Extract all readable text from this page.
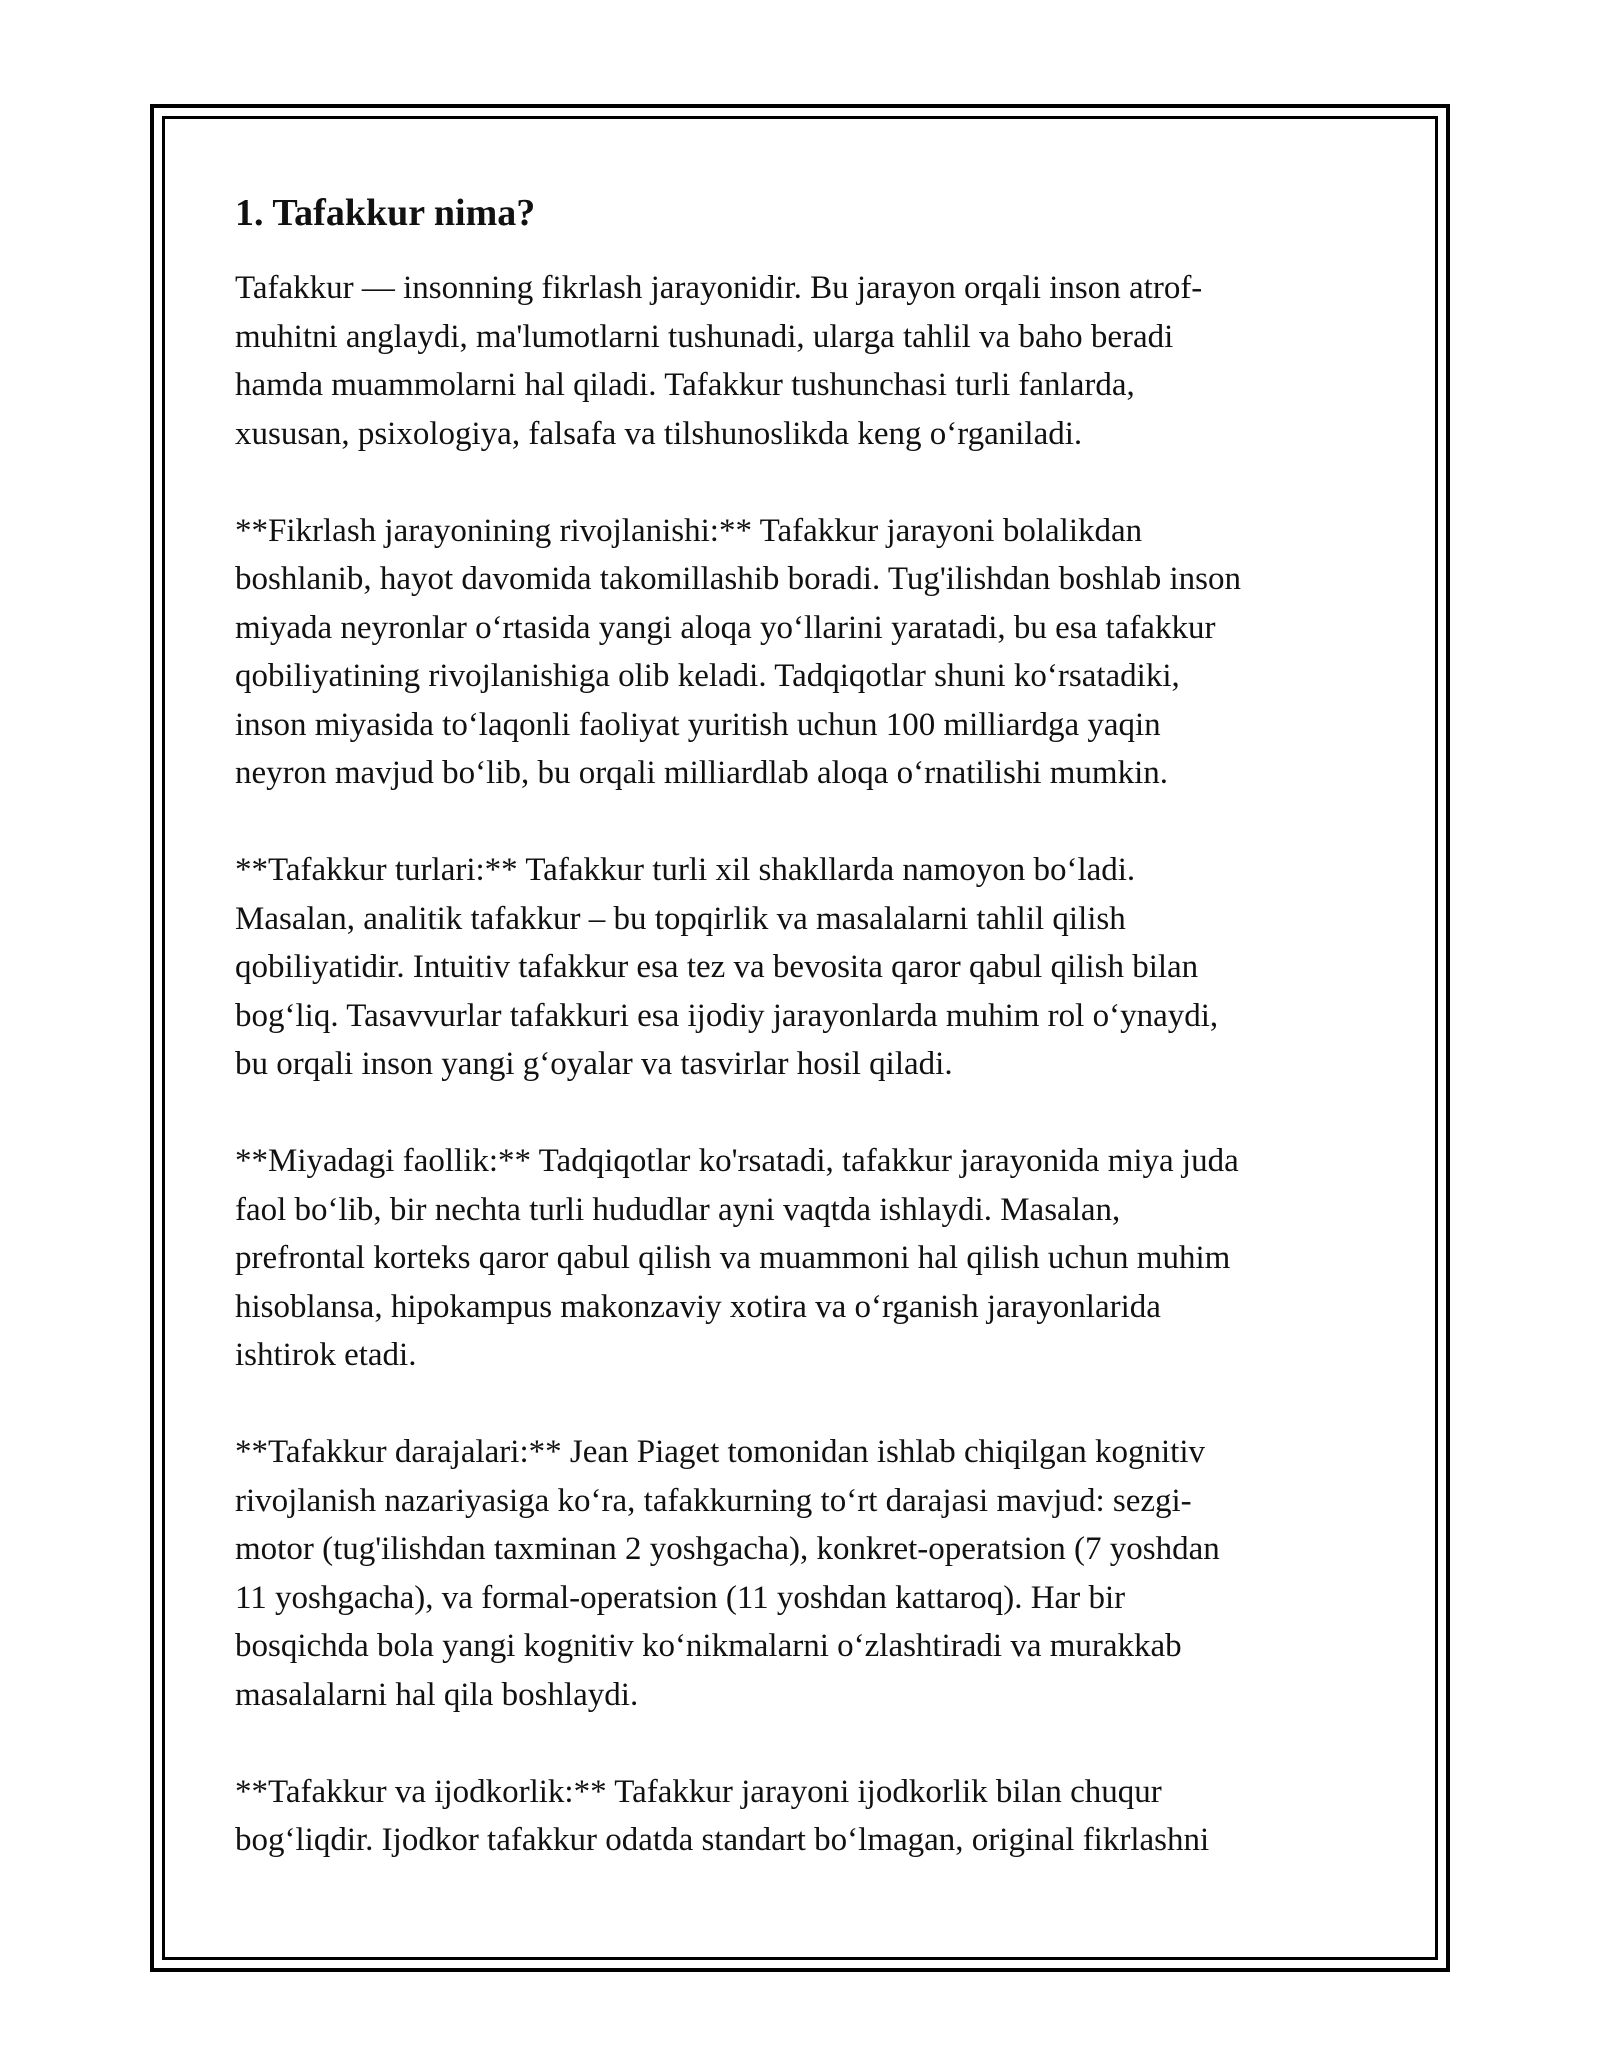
1. Tafakkur nima?
Tafakkur — insonning fikrlash jarayonidir. Bu jarayon orqali inson atrof-
muhitni anglaydi, ma'lumotlarni tushunadi, ularga tahlil va baho beradi
hamda muammolarni hal qiladi. Tafakkur tushunchasi turli fanlarda,
xususan, psixologiya, falsafa va tilshunoslikda keng o‘rganiladi.
**Fikrlash jarayonining rivojlanishi:** Tafakkur jarayoni bolalikdan
boshlanib, hayot davomida takomillashib boradi. Tug'ilishdan boshlab inson
miyada neyronlar o‘rtasida yangi aloqa yo‘llarini yaratadi, bu esa tafakkur
qobiliyatining rivojlanishiga olib keladi. Tadqiqotlar shuni ko‘rsatadiki,
inson miyasida to‘laqonli faoliyat yuritish uchun 100 milliardga yaqin
neyron mavjud bo‘lib, bu orqali milliardlab aloqa o‘rnatilishi mumkin.
**Tafakkur turlari:** Tafakkur turli xil shakllarda namoyon bo‘ladi.
Masalan, analitik tafakkur – bu topqirlik va masalalarni tahlil qilish
qobiliyatidir. Intuitiv tafakkur esa tez va bevosita qaror qabul qilish bilan
bog‘liq. Tasavvurlar tafakkuri esa ijodiy jarayonlarda muhim rol o‘ynaydi,
bu orqali inson yangi g‘oyalar va tasvirlar hosil qiladi.
**Miyadagi faollik:** Tadqiqotlar ko'rsatadi, tafakkur jarayonida miya juda
faol bo‘lib, bir nechta turli hududlar ayni vaqtda ishlaydi. Masalan,
prefrontal korteks qaror qabul qilish va muammoni hal qilish uchun muhim
hisoblansa, hipokampus makonzaviy xotira va o‘rganish jarayonlarida
ishtirok etadi.
**Tafakkur darajalari:** Jean Piaget tomonidan ishlab chiqilgan kognitiv
rivojlanish nazariyasiga ko‘ra, tafakkurning to‘rt darajasi mavjud: sezgi-
motor (tug'ilishdan taxminan 2 yoshgacha), konkret-operatsion (7 yoshdan
11 yoshgacha), va formal-operatsion (11 yoshdan kattaroq). Har bir
bosqichda bola yangi kognitiv ko‘nikmalarni o‘zlashtiradi va murakkab
masalalarni hal qila boshlaydi.
**Tafakkur va ijodkorlik:** Tafakkur jarayoni ijodkorlik bilan chuqur
bog‘liqdir. Ijodkor tafakkur odatda standart bo‘lmagan, original fikrlashni
